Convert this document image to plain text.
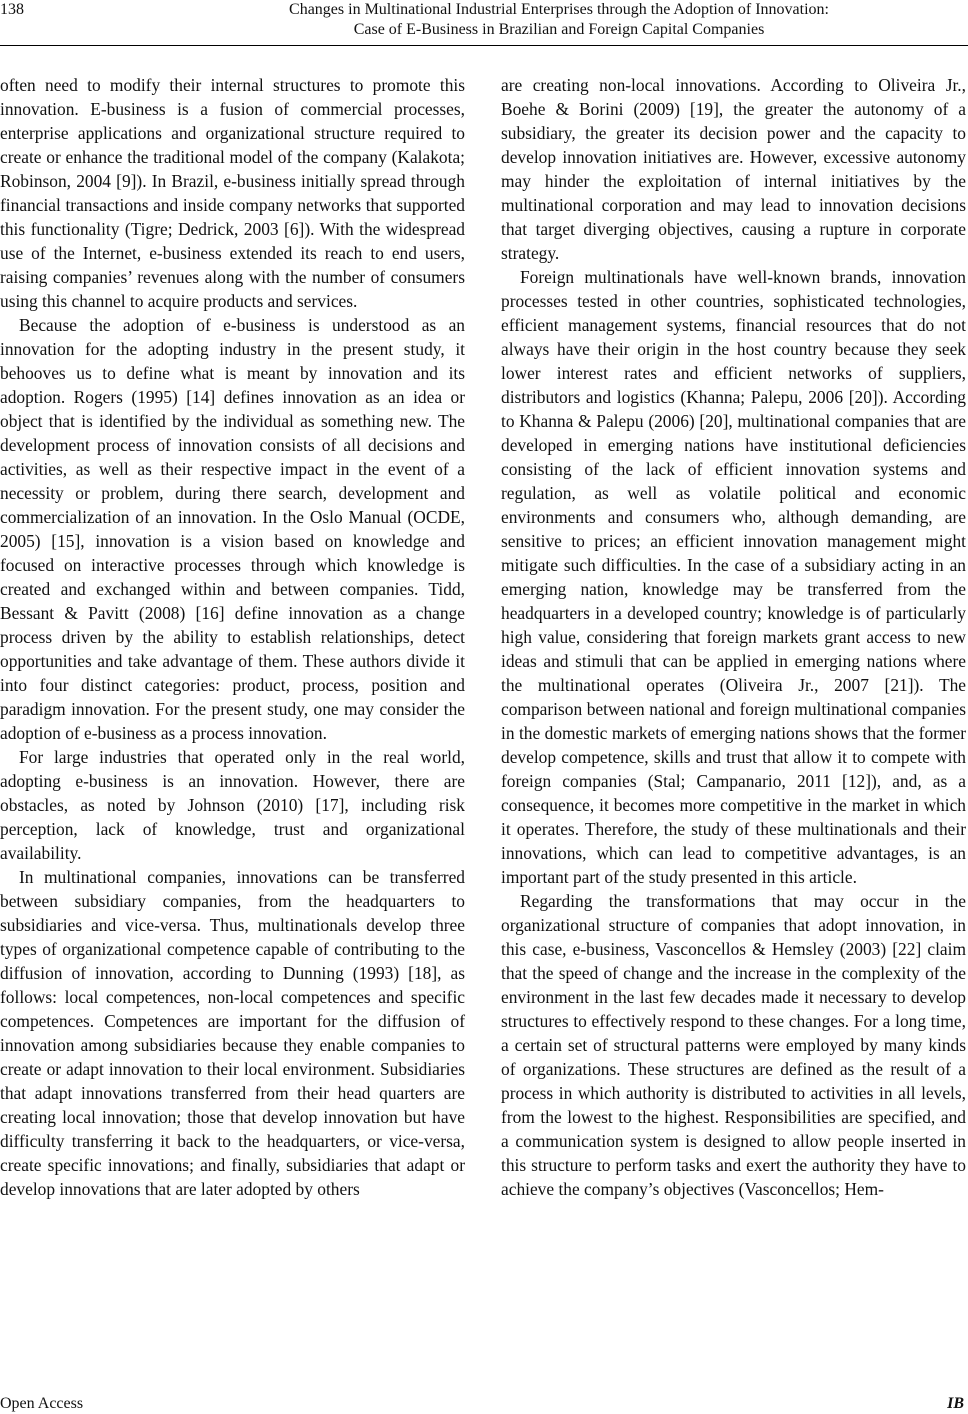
138	Changes in Multinational Industrial Enterprises through the Adoption of Innovation:
Case of E-Business in Brazilian and Foreign Capital Companies

often need to modify their internal structures to promote this innovation. E-business is a fusion of commercial processes, enterprise applications and organizational structure required to create or enhance the traditional model of the company (Kalakota; Robinson, 2004 [9]). In Brazil, e-business initially spread through financial transactions and inside company networks that supported this functionality (Tigre; Dedrick, 2003 [6]). With the widespread use of the Internet, e-business extended its reach to end users, raising companies’ revenues along with the number of consumers using this channel to acquire products and services.

Because the adoption of e-business is understood as an innovation for the adopting industry in the present study, it behooves us to define what is meant by innovation and its adoption. Rogers (1995) [14] defines innovation as an idea or object that is identified by the individual as something new. The development process of innovation consists of all decisions and activities, as well as their respective impact in the event of a necessity or problem, during there search, development and commercialization of an innovation. In the Oslo Manual (OCDE, 2005) [15], innovation is a vision based on knowledge and focused on interactive processes through which knowledge is created and exchanged within and between companies. Tidd, Bessant & Pavitt (2008) [16] define innovation as a change process driven by the ability to establish relationships, detect opportunities and take advantage of them. These authors divide it into four distinct categories: product, process, position and paradigm innovation. For the present study, one may consider the adoption of e-business as a process innovation.

For large industries that operated only in the real world, adopting e-business is an innovation. However, there are obstacles, as noted by Johnson (2010) [17], including risk perception, lack of knowledge, trust and organizational availability.

In multinational companies, innovations can be transferred between subsidiary companies, from the headquarters to subsidiaries and vice-versa. Thus, multinationals develop three types of organizational competence capable of contributing to the diffusion of innovation, according to Dunning (1993) [18], as follows: local competences, non-local competences and specific competences. Competences are important for the diffusion of innovation among subsidiaries because they enable companies to create or adapt innovation to their local environment. Subsidiaries that adapt innovations transferred from their head quarters are creating local innovation; those that develop innovation but have difficulty transferring it back to the headquarters, or vice-versa, create specific innovations; and finally, subsidiaries that adapt or develop innovations that are later adopted by others

are creating non-local innovations. According to Oliveira Jr., Boehe & Borini (2009) [19], the greater the autonomy of a subsidiary, the greater its decision power and the capacity to develop innovation initiatives are. However, excessive autonomy may hinder the exploitation of internal initiatives by the multinational corporation and may lead to innovation decisions that target diverging objectives, causing a rupture in corporate strategy.

Foreign multinationals have well-known brands, innovation processes tested in other countries, sophisticated technologies, efficient management systems, financial resources that do not always have their origin in the host country because they seek lower interest rates and efficient networks of suppliers, distributors and logistics (Khanna; Palepu, 2006 [20]). According to Khanna & Palepu (2006) [20], multinational companies that are developed in emerging nations have institutional deficiencies consisting of the lack of efficient innovation systems and regulation, as well as volatile political and economic environments and consumers who, although demanding, are sensitive to prices; an efficient innovation management might mitigate such difficulties. In the case of a subsidiary acting in an emerging nation, knowledge may be transferred from the headquarters in a developed country; knowledge is of particularly high value, considering that foreign markets grant access to new ideas and stimuli that can be applied in emerging nations where the multinational operates (Oliveira Jr., 2007 [21]). The comparison between national and foreign multinational companies in the domestic markets of emerging nations shows that the former develop competence, skills and trust that allow it to compete with foreign companies (Stal; Campanario, 2011 [12]), and, as a consequence, it becomes more competitive in the market in which it operates. Therefore, the study of these multinationals and their innovations, which can lead to competitive advantages, is an important part of the study presented in this article.

Regarding the transformations that may occur in the organizational structure of companies that adopt innovation, in this case, e-business, Vasconcellos & Hemsley (2003) [22] claim that the speed of change and the increase in the complexity of the environment in the last few decades made it necessary to develop structures to effectively respond to these changes. For a long time, a certain set of structural patterns were employed by many kinds of organizations. These structures are defined as the result of a process in which authority is distributed to activities in all levels, from the lowest to the highest. Responsibilities are specified, and a communication system is designed to allow people inserted in this structure to perform tasks and exert the authority they have to achieve the company’s objectives (Vasconcellos; Hem-

Open Access	IB
